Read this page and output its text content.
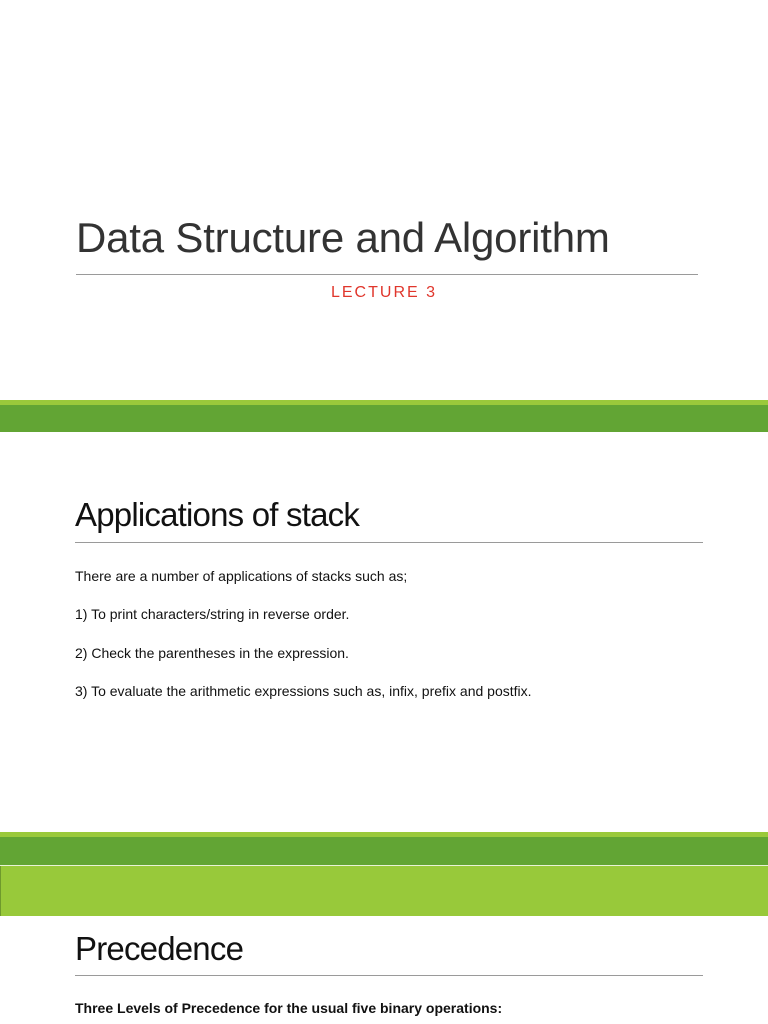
Data Structure and Algorithm
LECTURE 3
Applications of stack
There are a number of applications of stacks such as;
1) To print characters/string in reverse order.
2) Check the parentheses in the expression.
3) To evaluate the arithmetic expressions such as, infix, prefix and postfix.
Precedence
Three Levels of Precedence for the usual five binary operations:
